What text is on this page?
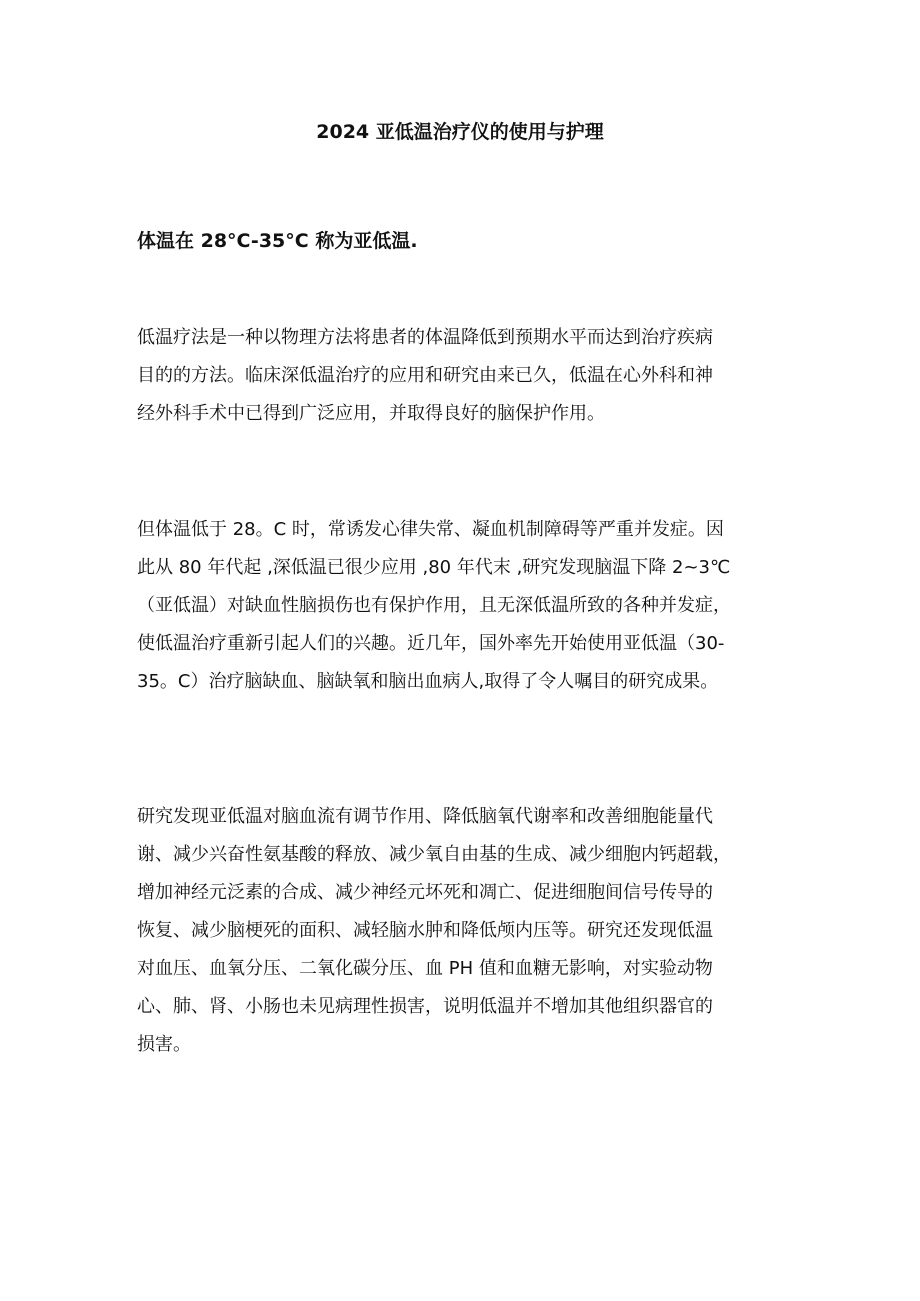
2024 亚低温治疗仪的使用与护理
体温在 28°C-35°C 称为亚低温.

低温疗法是一种以物理方法将患者的体温降低到预期水平而达到治疗疾病
目的的方法。临床深低温治疗的应用和研究由来已久，低温在心外科和神
经外科手术中已得到广泛应用，并取得良好的脑保护作用。

但体温低于 28。C 时，常诱发心律失常、凝血机制障碍等严重并发症。因
此从 80 年代起 ,深低温已很少应用 ,80 年代末 ,研究发现脑温下降 2~3℃
（亚低温）对缺血性脑损伤也有保护作用，且无深低温所致的各种并发症，
使低温治疗重新引起人们的兴趣。近几年，国外率先开始使用亚低温（30-
35。C）治疗脑缺血、脑缺氧和脑出血病人,取得了令人嘱目的研究成果。

研究发现亚低温对脑血流有调节作用、降低脑氧代谢率和改善细胞能量代
谢、减少兴奋性氨基酸的释放、减少氧自由基的生成、减少细胞内钙超载，
增加神经元泛素的合成、减少神经元坏死和凋亡、促进细胞间信号传导的
恢复、减少脑梗死的面积、减轻脑水肿和降低颅内压等。研究还发现低温
对血压、血氧分压、二氧化碳分压、血 PH 值和血糖无影响，对实验动物
心、肺、肾、小肠也未见病理性损害，说明低温并不增加其他组织器官的
损害。
